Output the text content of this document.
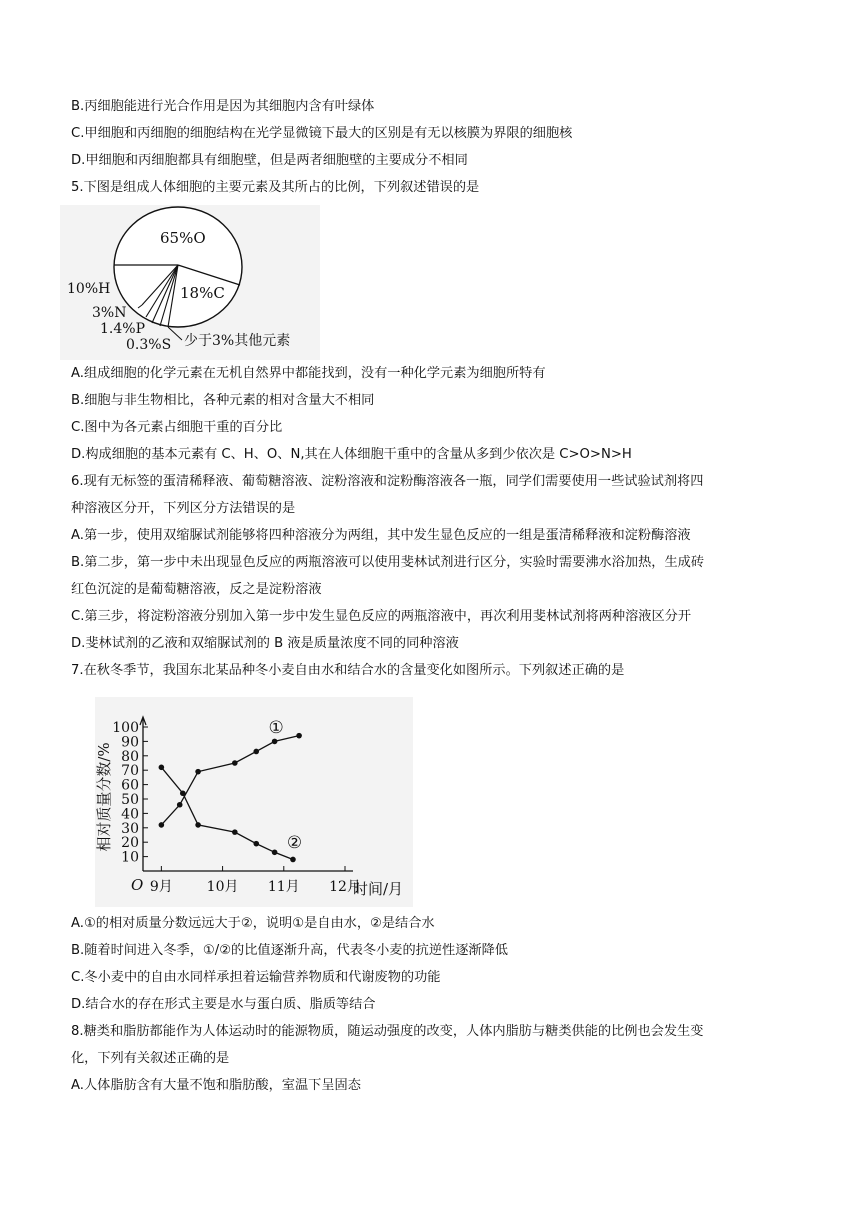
B.丙细胞能进行光合作用是因为其细胞内含有叶绿体
C.甲细胞和丙细胞的细胞结构在光学显微镜下最大的区别是有无以核膜为界限的细胞核
D.甲细胞和丙细胞都具有细胞壁，但是两者细胞壁的主要成分不相同
5.下图是组成人体细胞的主要元素及其所占的比例，下列叙述错误的是
65%O
18%C
10%H
3%N
1.4%P
0.3%S 少于3%其他元素
A.组成细胞的化学元素在无机自然界中都能找到，没有一种化学元素为细胞所特有
B.细胞与非生物相比，各种元素的相对含量大不相同
C.图中为各元素占细胞干重的百分比
D.构成细胞的基本元素有 C、H、O、N,其在人体细胞干重中的含量从多到少依次是 C>O>N>H
6.现有无标签的蛋清稀释液、葡萄糖溶液、淀粉溶液和淀粉酶溶液各一瓶，同学们需要使用一些试验试剂将四
种溶液区分开，下列区分方法错误的是
A.第一步，使用双缩脲试剂能够将四种溶液分为两组，其中发生显色反应的一组是蛋清稀释液和淀粉酶溶液
B.第二步，第一步中未出现显色反应的两瓶溶液可以使用斐林试剂进行区分，实验时需要沸水浴加热，生成砖
红色沉淀的是葡萄糖溶液，反之是淀粉溶液
C.第三步，将淀粉溶液分别加入第一步中发生显色反应的两瓶溶液中，再次利用斐林试剂将两种溶液区分开
D.斐林试剂的乙液和双缩脲试剂的 B 液是质量浓度不同的同种溶液
7.在秋冬季节，我国东北某品种冬小麦自由水和结合水的含量变化如图所示。下列叙述正确的是
10
20
30
40
50
60
70
80
90
100
9月 10月 11月 12月
①
②
相对质量分数/%
时间/月
O
A.①的相对质量分数远远大于②，说明①是自由水，②是结合水
B.随着时间进入冬季，①/②的比值逐渐升高，代表冬小麦的抗逆性逐渐降低
C.冬小麦中的自由水同样承担着运输营养物质和代谢废物的功能
D.结合水的存在形式主要是水与蛋白质、脂质等结合
8.糖类和脂肪都能作为人体运动时的能源物质，随运动强度的改变，人体内脂肪与糖类供能的比例也会发生变
化，下列有关叙述正确的是
A.人体脂肪含有大量不饱和脂肪酸，室温下呈固态
